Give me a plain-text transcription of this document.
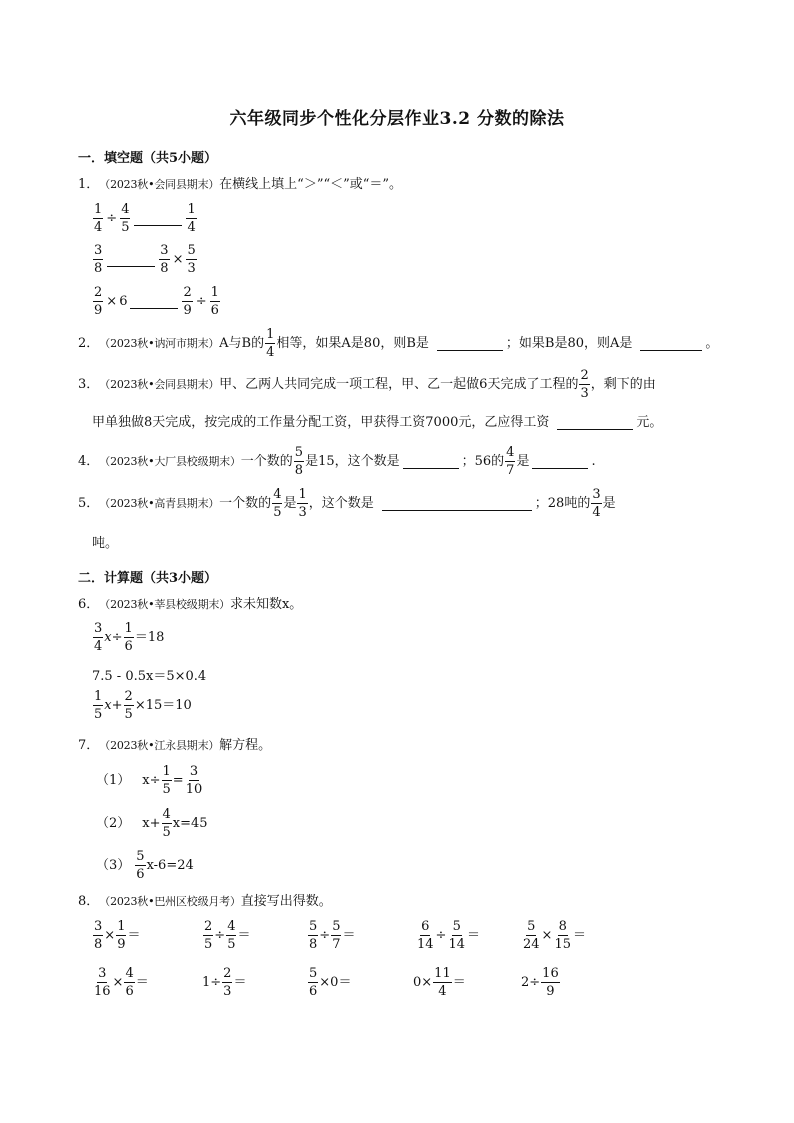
六年级同步个性化分层作业3.2 分数的除法
一．填空题（共5小题）
1． （2023秋•会同县期末） 在横线上填上“＞”“＜”或“＝”。
$\frac{1}{4} \div \frac{4}{5}$	$\frac{1}{4}$
$\frac{3}{8}$	$\frac{3}{8} \times \frac{5}{3}$
$\frac{2}{9} \times 6$	$\frac{2}{9} \div \frac{1}{6}$
2． （2023秋•讷河市期末） A与B的 $\frac{1}{4}$ 相等，如果A是80，则B是	；如果B是80，则A是	。
3． （2023秋•会同县期末） 甲、乙两人共同完成一项工程，甲、乙一起做6天完成了工程的 $\frac{2}{3}$ ，剩下的由
甲单独做8天完成，按完成的工作量分配工资，甲获得工资7000元，乙应得工资	元。
4． （2023秋•大厂县校级期末） 一个数的 $\frac{5}{8}$ 是15，这个数是	；56的 $\frac{4}{7}$ 是	.
5． （2023秋•高青县期末） 一个数的 $\frac{4}{5}$ 是 $\frac{1}{3}$ ，这个数是	；28吨的 $\frac{3}{4}$ 是
吨。
二．计算题（共3小题）
6． （2023秋•莘县校级期末） 求未知数x。
$\frac{3}{4}$ $x \div \frac{1}{6} =18$
7.5 - 0.5x＝5×0.4
$\frac{1}{5}$ $x + \frac{2}{5} \times 15=10$
7． （2023秋•江永县期末） 解方程。
（1） $x\div \frac{1}{5} = \frac{3}{10}$
（2） $x+ \frac{4}{5} x=45$
$(3) \frac{5}{6} x-6=24$
8． （2023秋•巴州区校级月考） 直接写出得数。
$\frac{3}{8} \times \frac{1}{9}$ ＝	$\frac{2}{5} \div \frac{4}{5}$ ＝	$\frac{5}{8} \div \frac{5}{7}$ ＝	$\frac{6}{14} \div \frac{5}{14}$ ＝	$\frac{5}{24} \times \frac{8}{15}$ ＝
$\frac{3}{16} \times \frac{4}{6}$ ＝	$1\div \frac{2}{3}$ ＝	$\frac{5}{6} \times 0=$	$0\times \frac{11}{4}$ ＝	$2\div \frac{16}{9}$
